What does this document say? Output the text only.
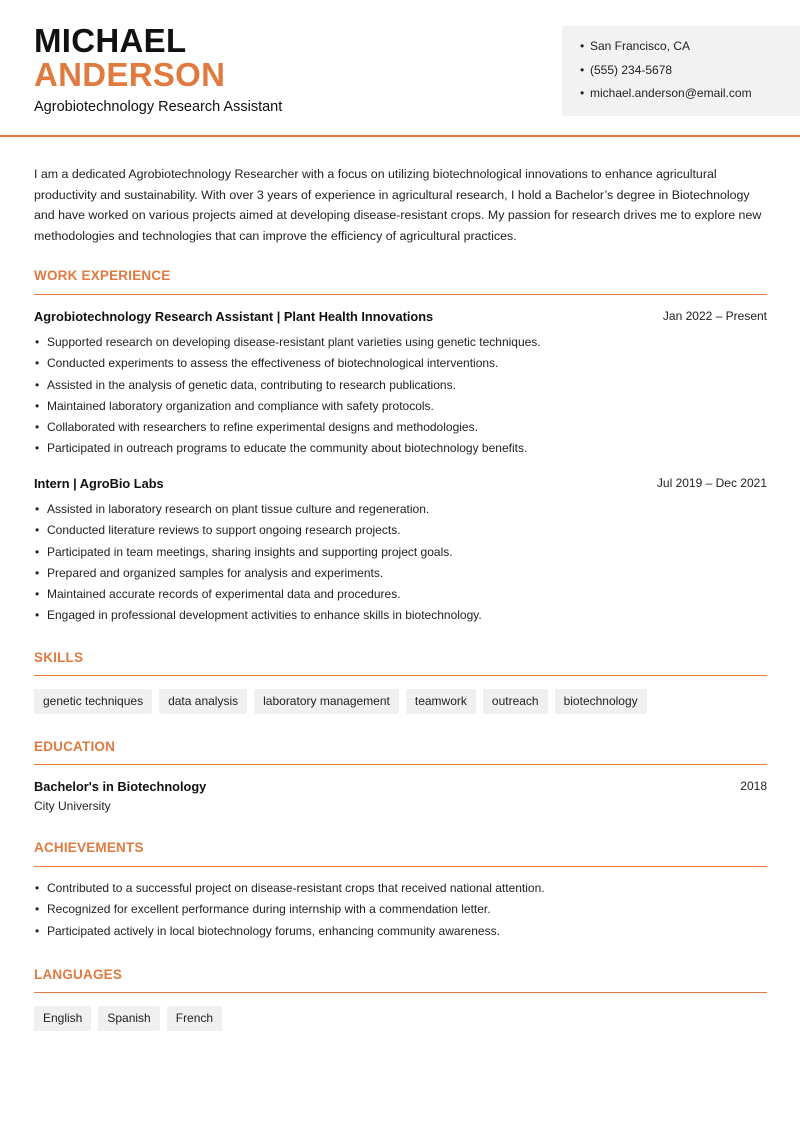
MICHAEL
ANDERSON
Agrobiotechnology Research Assistant
• San Francisco, CA
• (555) 234-5678
• michael.anderson@email.com

I am a dedicated Agrobiotechnology Researcher with a focus on utilizing biotechnological innovations to enhance agricultural productivity and sustainability. With over 3 years of experience in agricultural research, I hold a Bachelor’s degree in Biotechnology and have worked on various projects aimed at developing disease-resistant crops. My passion for research drives me to explore new methodologies and technologies that can improve the efficiency of agricultural practices.

WORK EXPERIENCE
Agrobiotechnology Research Assistant | Plant Health Innovations	Jan 2022 – Present
• Supported research on developing disease-resistant plant varieties using genetic techniques.
• Conducted experiments to assess the effectiveness of biotechnological interventions.
• Assisted in the analysis of genetic data, contributing to research publications.
• Maintained laboratory organization and compliance with safety protocols.
• Collaborated with researchers to refine experimental designs and methodologies.
• Participated in outreach programs to educate the community about biotechnology benefits.
Intern | AgroBio Labs	Jul 2019 – Dec 2021
• Assisted in laboratory research on plant tissue culture and regeneration.
• Conducted literature reviews to support ongoing research projects.
• Participated in team meetings, sharing insights and supporting project goals.
• Prepared and organized samples for analysis and experiments.
• Maintained accurate records of experimental data and procedures.
• Engaged in professional development activities to enhance skills in biotechnology.
SKILLS
genetic techniques	data analysis	laboratory management	teamwork	outreach	biotechnology
EDUCATION
Bachelor's in Biotechnology	2018
City University
ACHIEVEMENTS
• Contributed to a successful project on disease-resistant crops that received national attention.
• Recognized for excellent performance during internship with a commendation letter.
• Participated actively in local biotechnology forums, enhancing community awareness.
LANGUAGES
English	Spanish	French
